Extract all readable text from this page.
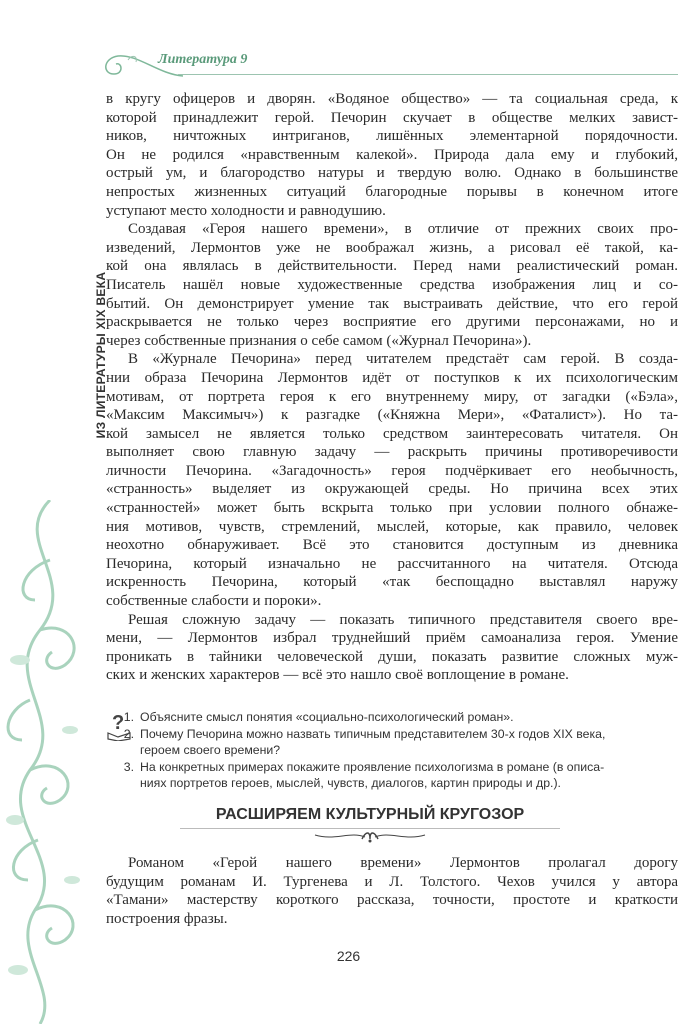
Литература 9
ИЗ ЛИТЕРАТУРЫ XIX ВЕКА
в кругу офицеров и дворян. «Водяное общество» — та социальная среда, к
которой принадлежит герой. Печорин скучает в обществе мелких завист-
ников, ничтожных интриганов, лишённых элементарной порядочности.
Он не родился «нравственным калекой». Природа дала ему и глубокий,
острый ум, и благородство натуры и твердую волю. Однако в большинстве
непростых жизненных ситуаций благородные порывы в конечном итоге
уступают место холодности и равнодушию.
Создавая «Героя нашего времени», в отличие от прежних своих про-
изведений, Лермонтов уже не воображал жизнь, а рисовал её такой, ка-
кой она являлась в действительности. Перед нами реалистический роман.
Писатель нашёл новые художественные средства изображения лиц и со-
бытий. Он демонстрирует умение так выстраивать действие, что его герой
раскрывается не только через восприятие его другими персонажами, но и
через собственные признания о себе самом («Журнал Печорина»).
В «Журнале Печорина» перед читателем предстаёт сам герой. В созда-
нии образа Печорина Лермонтов идёт от поступков к их психологическим
мотивам, от портрета героя к его внутреннему миру, от загадки («Бэла»,
«Максим Максимыч») к разгадке («Княжна Мери», «Фаталист»). Но та-
кой замысел не является только средством заинтересовать читателя. Он
выполняет свою главную задачу — раскрыть причины противоречивости
личности Печорина. «Загадочность» героя подчёркивает его необычность,
«странность» выделяет из окружающей среды. Но причина всех этих
«странностей» может быть вскрыта только при условии полного обнаже-
ния мотивов, чувств, стремлений, мыслей, которые, как правило, человек
неохотно обнаруживает. Всё это становится доступным из дневника
Печорина, который изначально не рассчитанного на читателя. Отсюда
искренность Печорина, который «так беспощадно выставлял наружу
собственные слабости и пороки».
Решая сложную задачу — показать типичного представителя своего вре-
мени, — Лермонтов избрал труднейший приём самоанализа героя. Умение
проникать в тайники человеческой души, показать развитие сложных муж-
ских и женских характеров — всё это нашло своё воплощение в романе.
? 1. Объясните смысл понятия «социально-психологический роман».
2. Почему Печорина можно назвать типичным представителем 30-х годов XIX века,
героем своего времени?
3. На конкретных примерах покажите проявление психологизма в романе (в описа-
ниях портретов героев, мыслей, чувств, диалогов, картин природы и др.).
РАСШИРЯЕМ КУЛЬТУРНЫЙ КРУГОЗОР
Романом «Герой нашего времени» Лермонтов пролагал дорогу
будущим романам И. Тургенева и Л. Толстого. Чехов учился у автора
«Тамани» мастерству короткого рассказа, точности, простоте и краткости
построения фразы.
226
